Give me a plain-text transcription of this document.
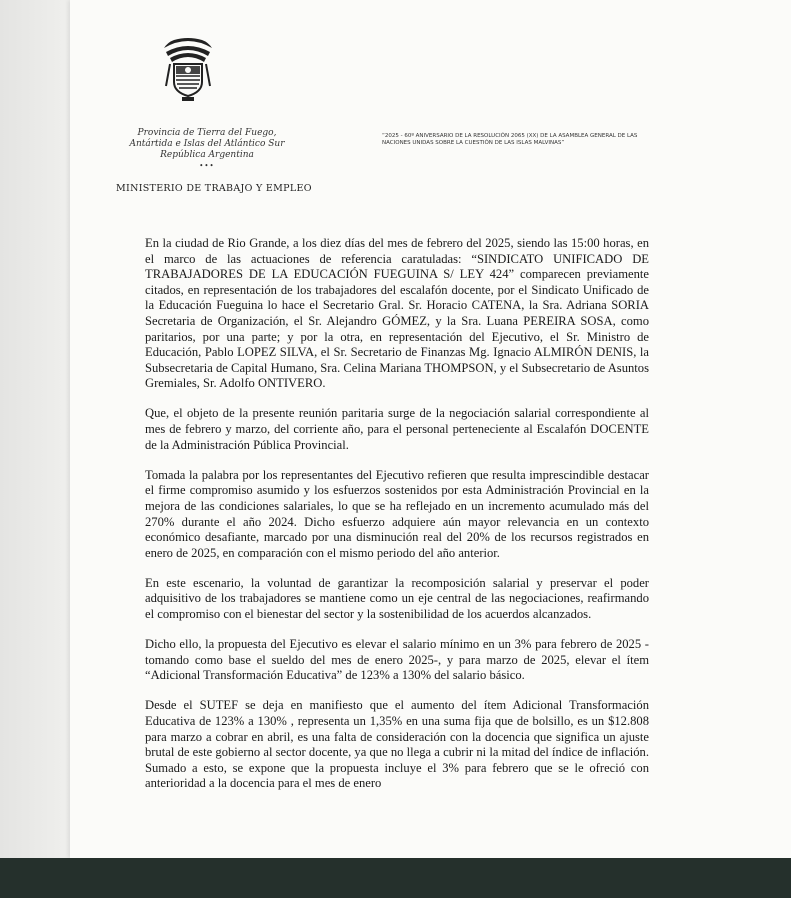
Provincia de Tierra del Fuego,
Antártida e Islas del Atlántico Sur
República Argentina
•••
MINISTERIO DE TRABAJO Y EMPLEO
“2025 - 60º ANIVERSARIO DE LA RESOLUCIÓN 2065 (XX) DE LA ASAMBLEA GENERAL DE LAS NACIONES UNIDAS SOBRE LA CUESTIÓN DE LAS ISLAS MALVINAS”

En la ciudad de Rio Grande, a los diez días del mes de febrero del 2025, siendo las 15:00 horas, en el marco de las actuaciones de referencia caratuladas: “SINDICATO UNIFICADO DE TRABAJADORES DE LA EDUCACIÓN FUEGUINA S/ LEY 424” comparecen previamente citados, en representación de los trabajadores del escalafón docente, por el Sindicato Unificado de la Educación Fueguina lo hace el Secretario Gral. Sr. Horacio CATENA, la Sra. Adriana SORIA Secretaria de Organización, el Sr. Alejandro GÓMEZ, y la Sra. Luana PEREIRA SOSA, como paritarios, por una parte; y por la otra, en representación del Ejecutivo, el Sr. Ministro de Educación, Pablo LOPEZ SILVA, el Sr. Secretario de Finanzas Mg. Ignacio ALMIRÓN DENIS, la Subsecretaria de Capital Humano, Sra. Celina Mariana THOMPSON, y el Subsecretario de Asuntos Gremiales, Sr. Adolfo ONTIVERO.

Que, el objeto de la presente reunión paritaria surge de la negociación salarial correspondiente al mes de febrero y marzo, del corriente año, para el personal perteneciente al Escalafón DOCENTE de la Administración Pública Provincial.

Tomada la palabra por los representantes del Ejecutivo refieren que resulta imprescindible destacar el firme compromiso asumido y los esfuerzos sostenidos por esta Administración Provincial en la mejora de las condiciones salariales, lo que se ha reflejado en un incremento acumulado más del 270% durante el año 2024. Dicho esfuerzo adquiere aún mayor relevancia en un contexto económico desafiante, marcado por una disminución real del 20% de los recursos registrados en enero de 2025, en comparación con el mismo periodo del año anterior.

En este escenario, la voluntad de garantizar la recomposición salarial y preservar el poder adquisitivo de los trabajadores se mantiene como un eje central de las negociaciones, reafirmando el compromiso con el bienestar del sector y la sostenibilidad de los acuerdos alcanzados.

Dicho ello, la propuesta del Ejecutivo es elevar el salario mínimo en un 3% para febrero de 2025 -tomando como base el sueldo del mes de enero 2025-, y para marzo de 2025, elevar el ítem “Adicional Transformación Educativa” de 123% a 130% del salario básico.

Desde el SUTEF se deja en manifiesto que el aumento del ítem Adicional Transformación Educativa de 123% a 130% , representa un 1,35% en una suma fija que de bolsillo, es un $12.808 para marzo a cobrar en abril, es una falta de consideración con la docencia que significa un ajuste brutal de este gobierno al sector docente, ya que no llega a cubrir ni la mitad del índice de inflación. Sumado a esto, se expone que la propuesta incluye el 3% para febrero que se le ofreció con anterioridad a la docencia para el mes de enero
